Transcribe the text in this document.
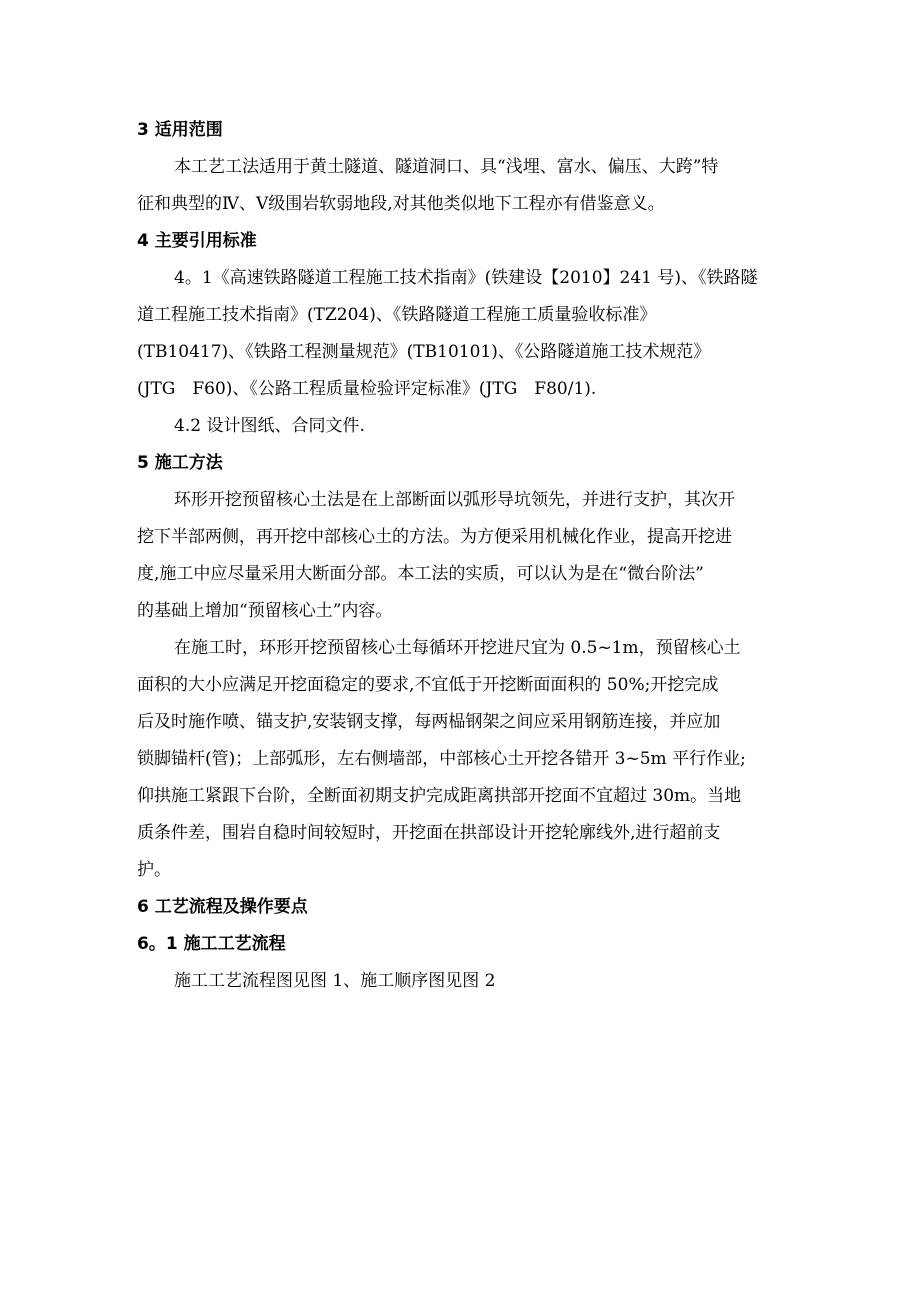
3 适用范围
本工艺工法适用于黄土隧道、隧道洞口、具“浅埋、富水、偏压、大跨”特
征和典型的Ⅳ、Ⅴ级围岩软弱地段,对其他类似地下工程亦有借鉴意义。
4 主要引用标准
4。1《高速铁路隧道工程施工技术指南》(铁建设【2010】241 号)、《铁路隧
道工程施工技术指南》(TZ204)、《铁路隧道工程施工质量验收标准》
(TB10417)、《铁路工程测量规范》(TB10101)、《公路隧道施工技术规范》
(JTG　F60)、《公路工程质量检验评定标准》(JTG　F80/1).
4.2 设计图纸、合同文件.
5 施工方法
环形开挖预留核心土法是在上部断面以弧形导坑领先，并进行支护，其次开
挖下半部两侧，再开挖中部核心土的方法。为方便采用机械化作业，提高开挖进
度,施工中应尽量采用大断面分部。本工法的实质，可以认为是在“微台阶法”
的基础上增加“预留核心土”内容。
在施工时，环形开挖预留核心土每循环开挖进尺宜为 0.5~1m，预留核心土
面积的大小应满足开挖面稳定的要求,不宜低于开挖断面面积的 50%;开挖完成
后及时施作喷、锚支护,安装钢支撑，每两榀钢架之间应采用钢筋连接，并应加
锁脚锚杆(管)；上部弧形，左右侧墙部，中部核心土开挖各错开 3~5m 平行作业;
仰拱施工紧跟下台阶，全断面初期支护完成距离拱部开挖面不宜超过 30m。当地
质条件差，围岩自稳时间较短时，开挖面在拱部设计开挖轮廓线外,进行超前支
护。
6 工艺流程及操作要点
6。1 施工工艺流程
施工工艺流程图见图 1、施工顺序图见图 2
